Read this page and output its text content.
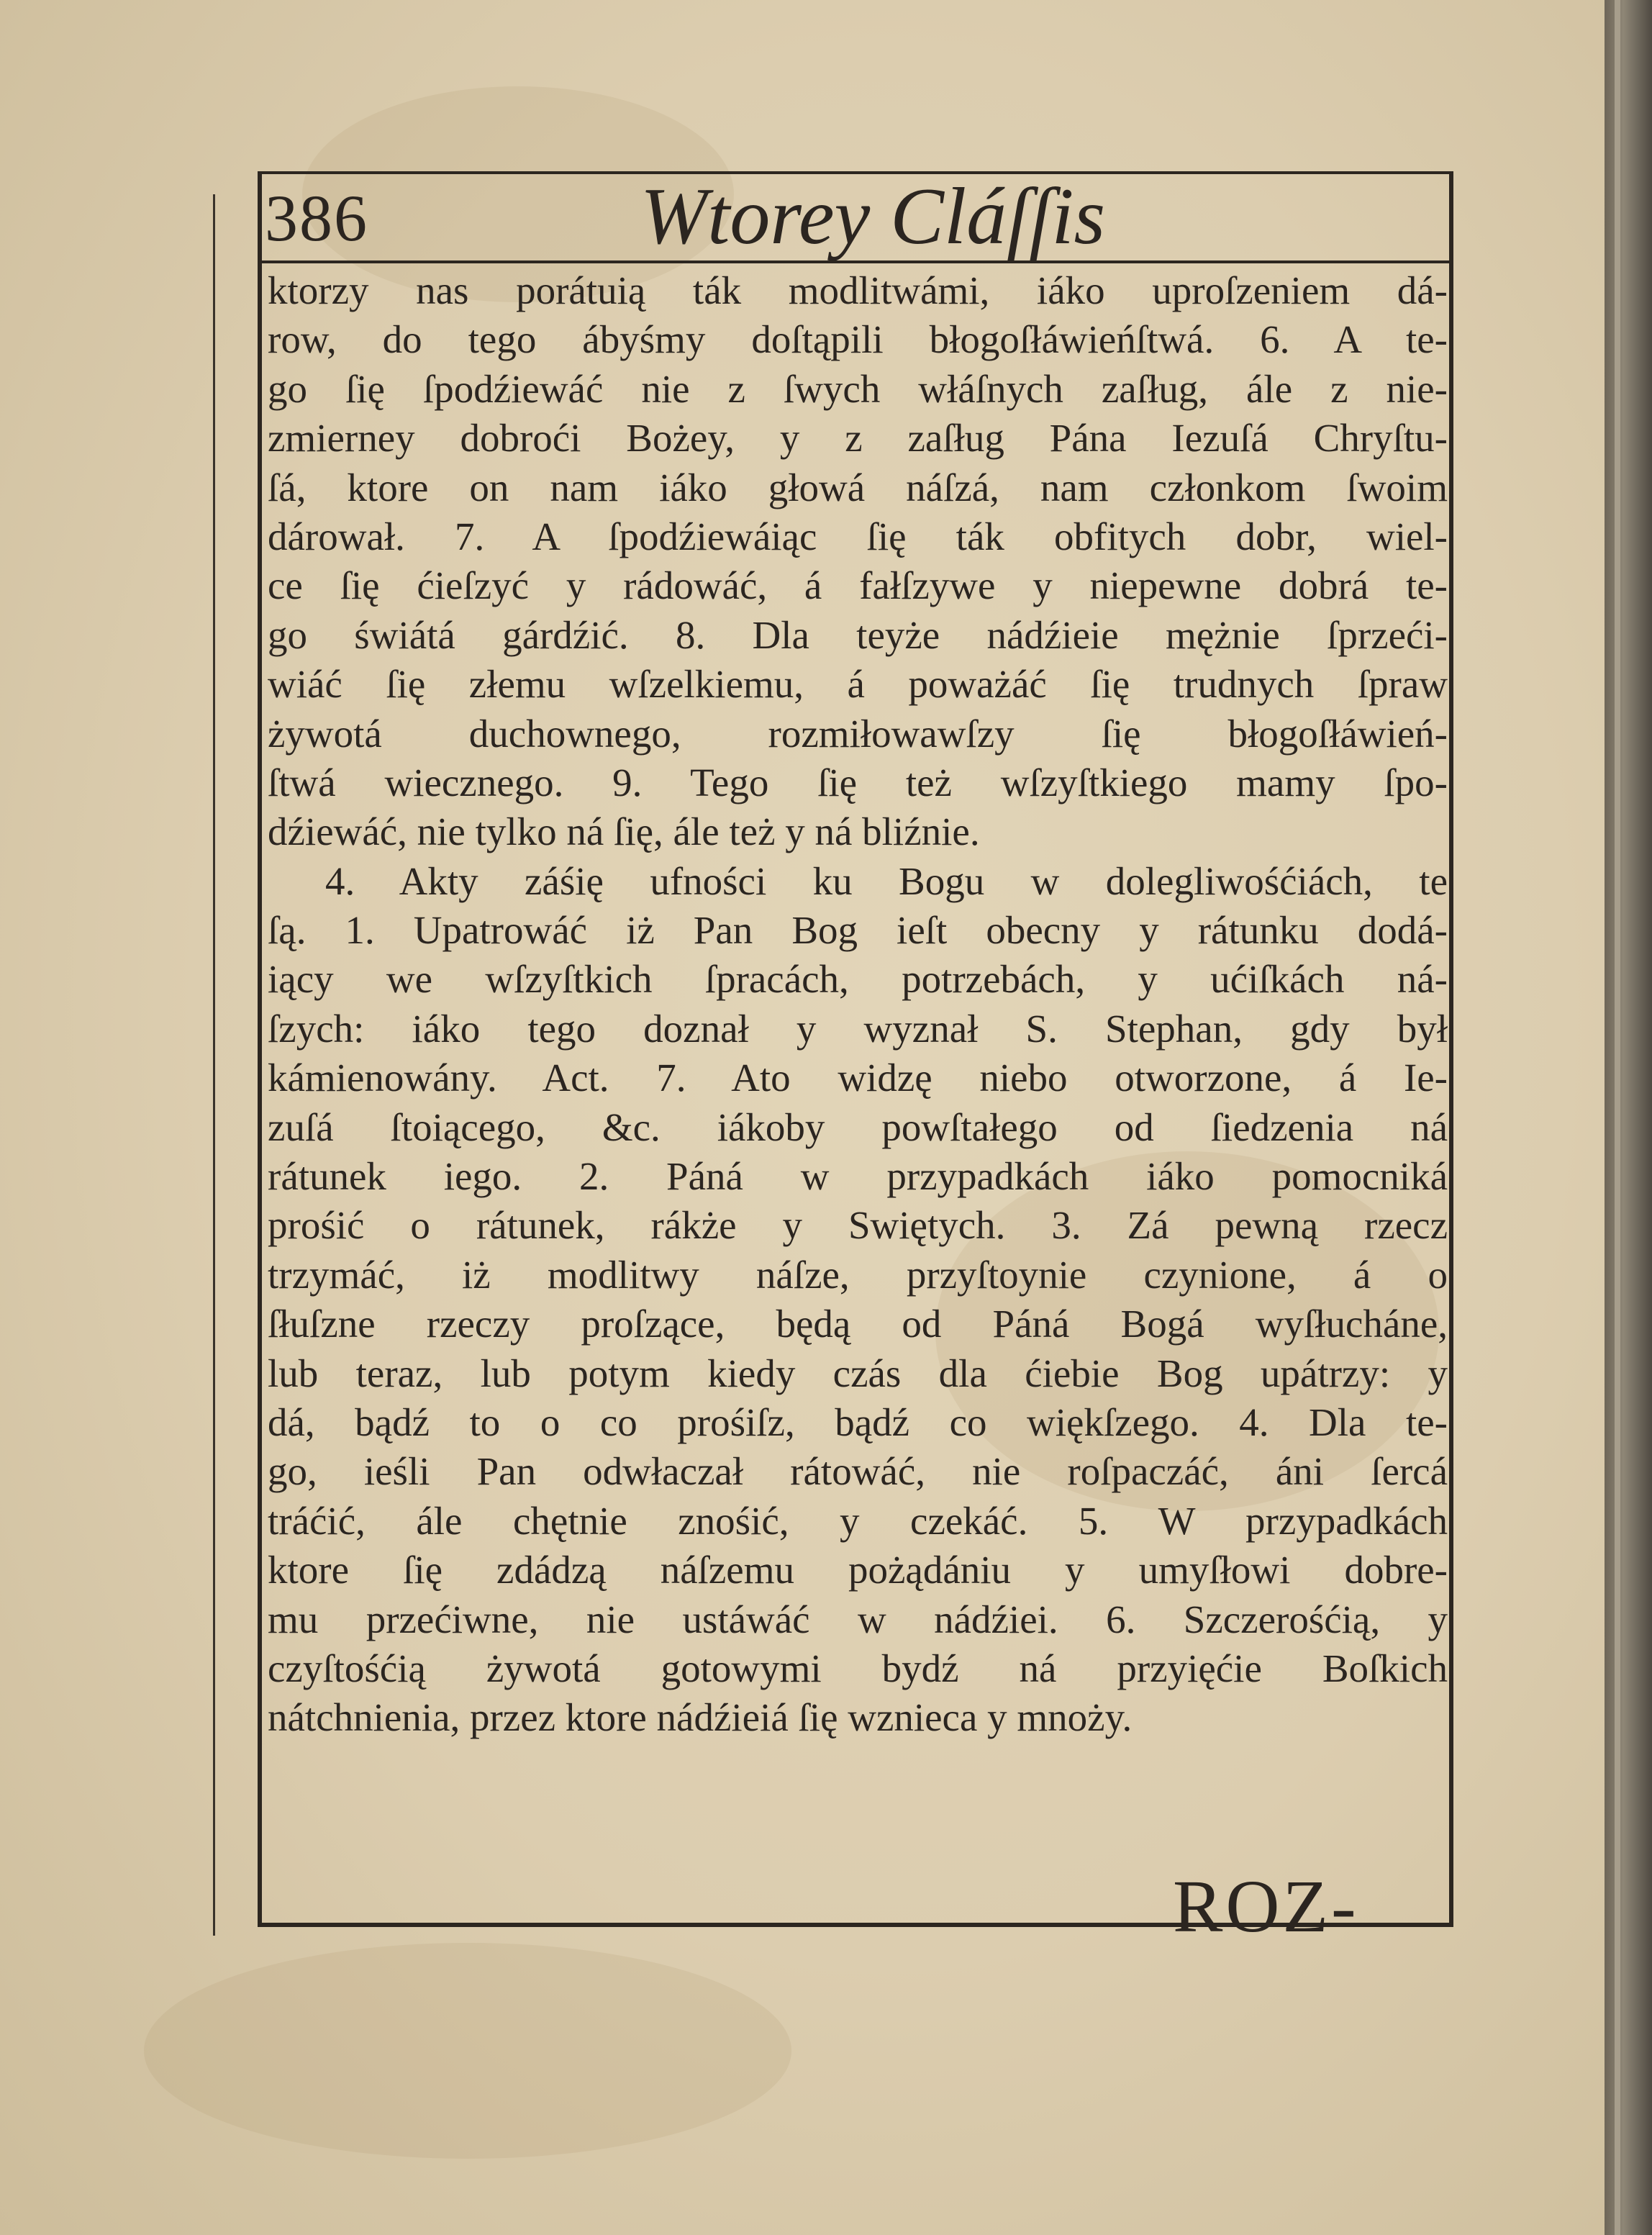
386	Wtorey Cláſſis
ktorzy nas porátuią ták modlitwámi, iáko uproſzeniem dá-
row, do tego ábyśmy doſtąpili błogoſłáwieńſtwá. 6. A te-
go ſię ſpodźiewáć nie z ſwych włáſnych zaſług, ále z nie-
zmierney dobroći Bożey, y z zaſług Pána Iezuſá Chryſtu-
ſá, ktore on nam iáko głowá náſzá, nam członkom ſwoim
dárował. 7. A ſpodźiewáiąc ſię ták obfitych dobr, wiel-
ce ſię ćieſzyć y rádowáć, á fałſzywe y niepewne dobrá te-
go świátá gárdźić. 8. Dla teyże nádźieie mężnie ſprzeći-
wiáć ſię złemu wſzelkiemu, á poważáć ſię trudnych ſpraw
żywotá duchownego, rozmiłowawſzy ſię błogoſłáwień-
ſtwá wiecznego. 9. Tego ſię też wſzyſtkiego mamy ſpo-
dźiewáć, nie tylko ná ſię, ále też y ná bliźnie.
4. Akty záśię ufności ku Bogu w dolegliwośćiách, te
ſą. 1. Upatrowáć iż Pan Bog ieſt obecny y rátunku dodá-
iący we wſzyſtkich ſpracách, potrzebách, y ućiſkách ná-
ſzych: iáko tego doznał y wyznał S. Stephan, gdy był
kámienowány. Act. 7. Ato widzę niebo otworzone, á Ie-
zuſá ſtoiącego, &c. iákoby powſtałego od ſiedzenia ná
rátunek iego. 2. Páná w przypadkách iáko pomocniká
prośić o rátunek, rákże y Swiętych. 3. Zá pewną rzecz
trzymáć, iż modlitwy náſze, przyſtoynie czynione, á o
ſłuſzne rzeczy proſzące, będą od Páná Bogá wyſłucháne,
lub teraz, lub potym kiedy czás dla ćiebie Bog upátrzy: y
dá, bądź to o co prośiſz, bądź co więkſzego. 4. Dla te-
go, ieśli Pan odwłaczał rátowáć, nie roſpaczáć, áni ſercá
tráćić, ále chętnie znośić, y czekáć. 5. W przypadkách
ktore ſię zdádzą náſzemu pożądániu y umyſłowi dobre-
mu przećiwne, nie ustáwáć w nádźiei. 6. Szczerośćią, y
czyſtośćią żywotá gotowymi bydź ná przyięćie Boſkich
nátchnienia, przez ktore nádźieiá ſię wznieca y mnoży.
ROZ-
